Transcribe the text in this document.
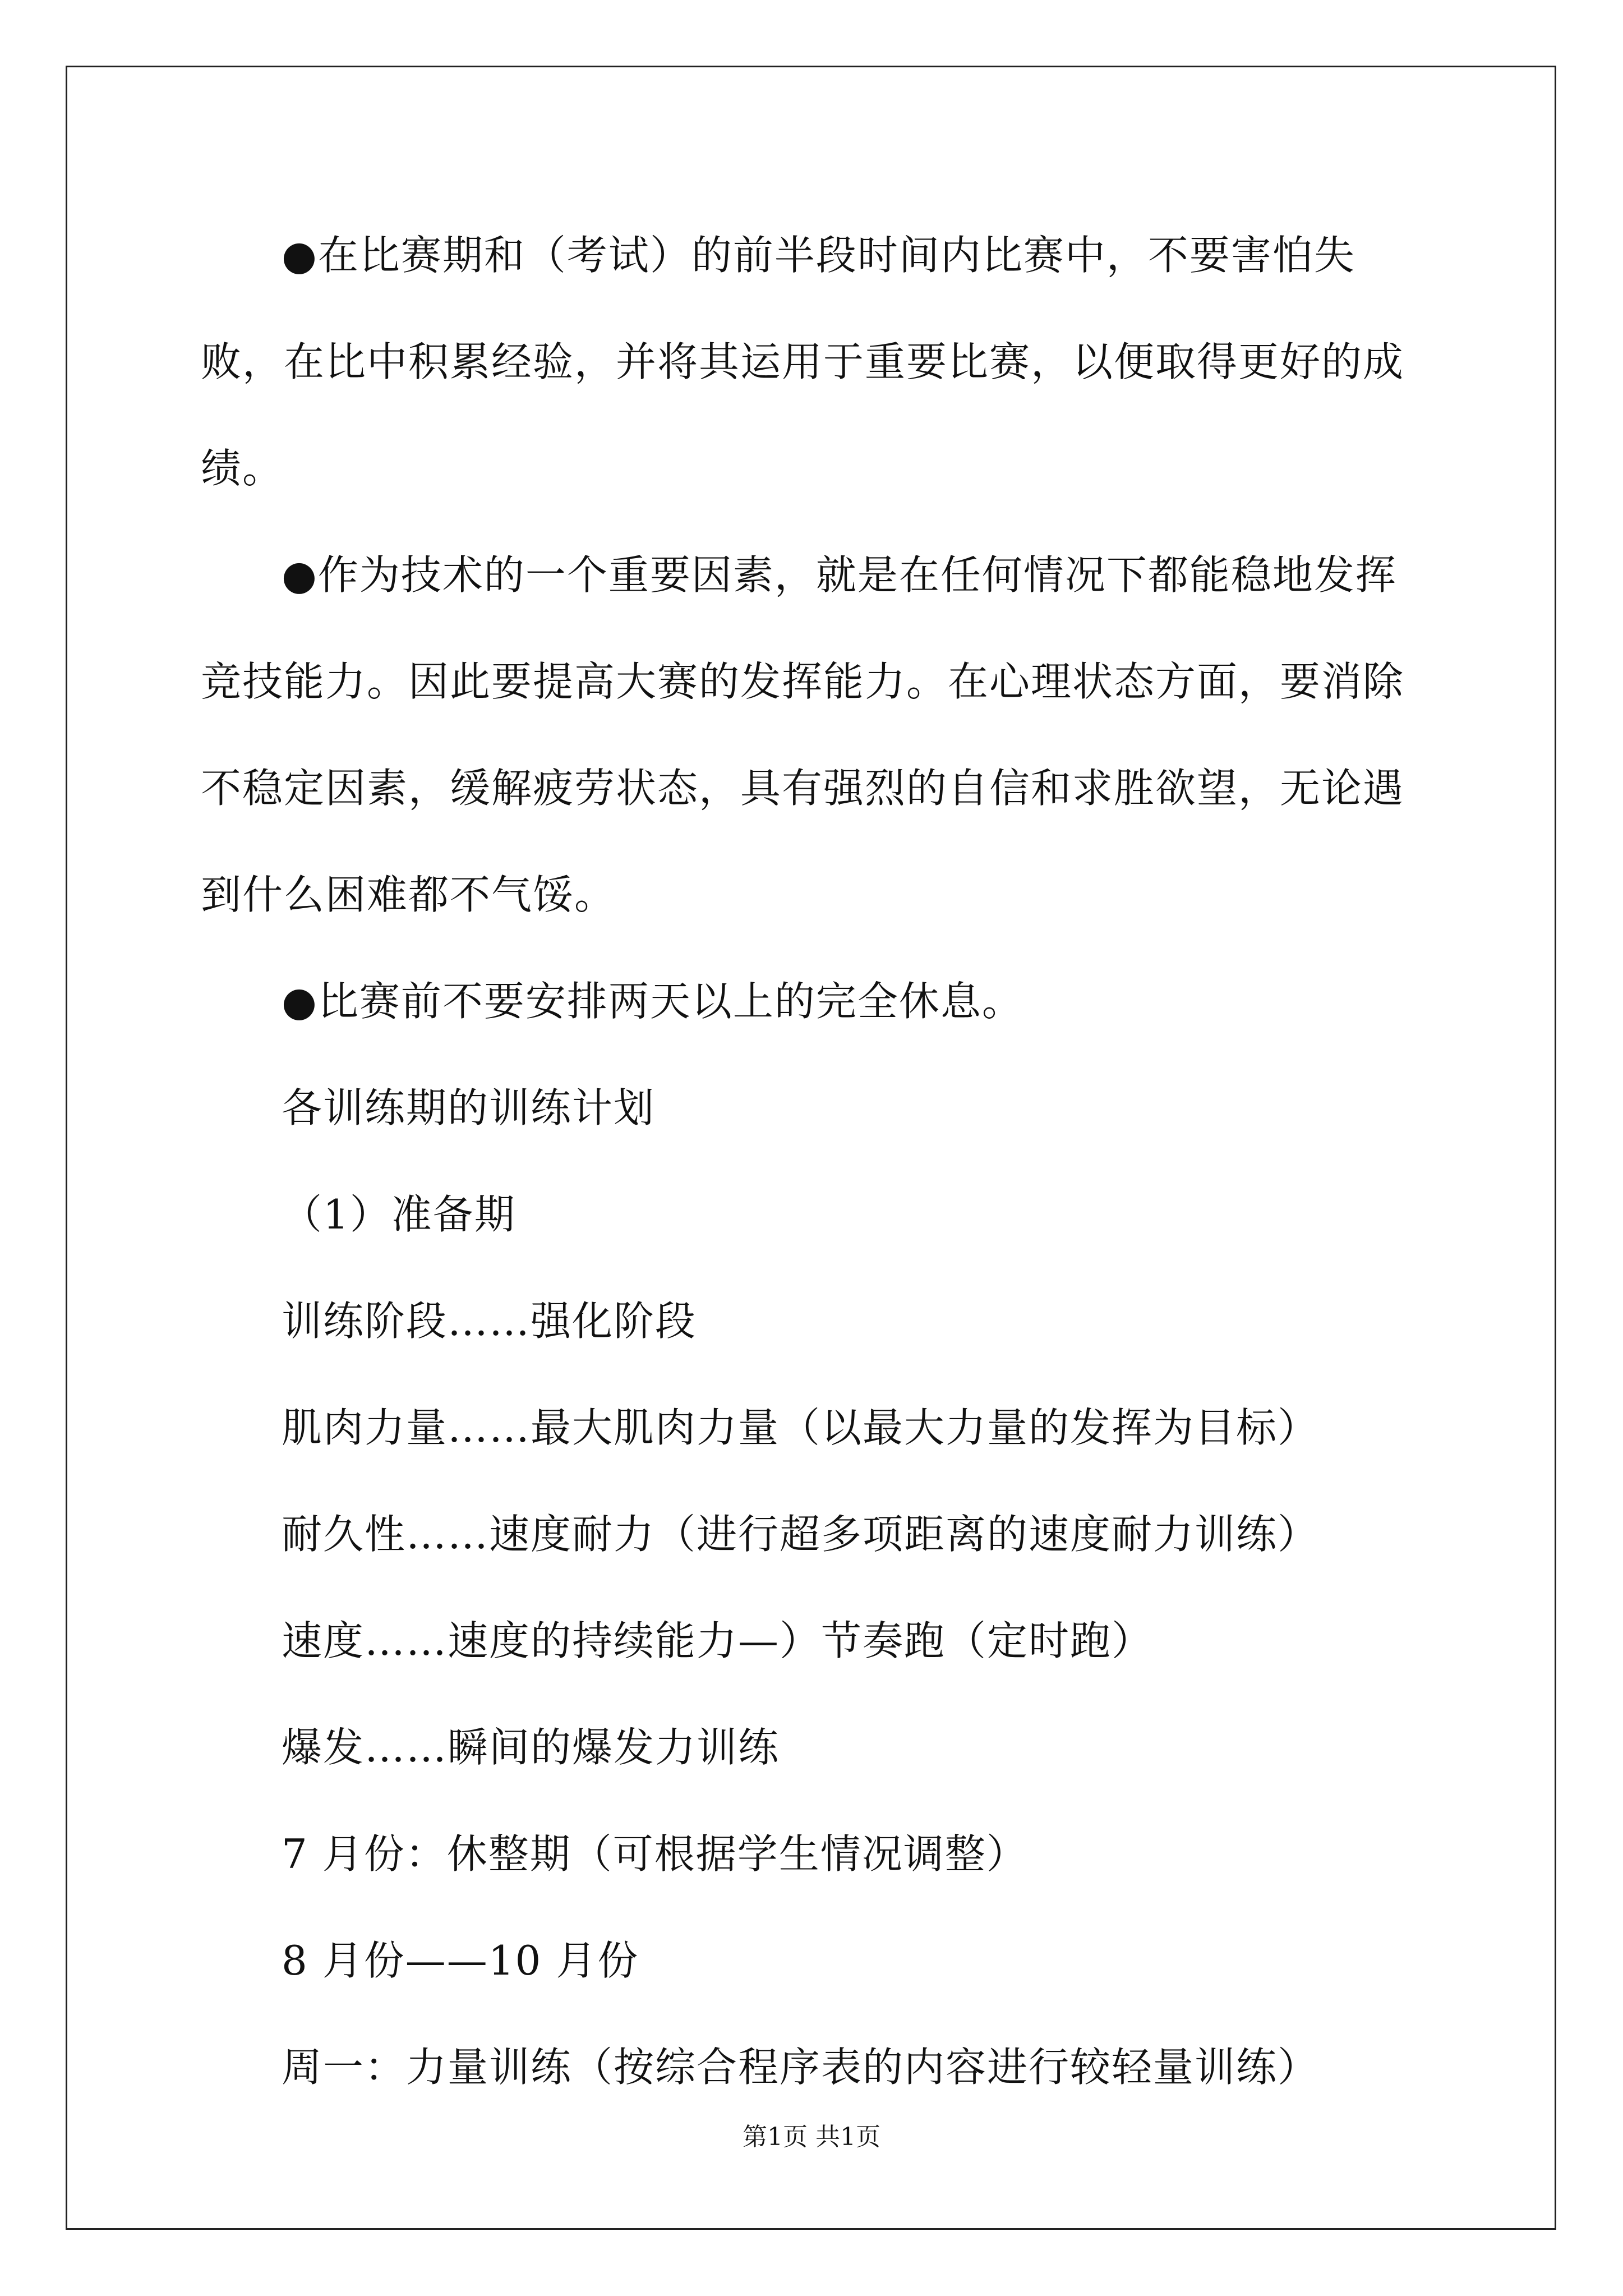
●在比赛期和（考试）的前半段时间内比赛中，不要害怕失败，在比中积累经验，并将其运用于重要比赛，以便取得更好的成绩。

●作为技术的一个重要因素，就是在任何情况下都能稳地发挥竞技能力。因此要提高大赛的发挥能力。在心理状态方面，要消除不稳定因素，缓解疲劳状态，具有强烈的自信和求胜欲望，无论遇到什么困难都不气馁。

●比赛前不要安排两天以上的完全休息。

各训练期的训练计划

（1）准备期

训练阶段……强化阶段

肌肉力量……最大肌肉力量（以最大力量的发挥为目标）

耐久性……速度耐力（进行超多项距离的速度耐力训练）

速度……速度的持续能力—）节奏跑（定时跑）

爆发……瞬间的爆发力训练

7 月份：休整期（可根据学生情况调整）

8 月份——10 月份

周一：力量训练（按综合程序表的内容进行较轻量训练）

第1页 共1页
